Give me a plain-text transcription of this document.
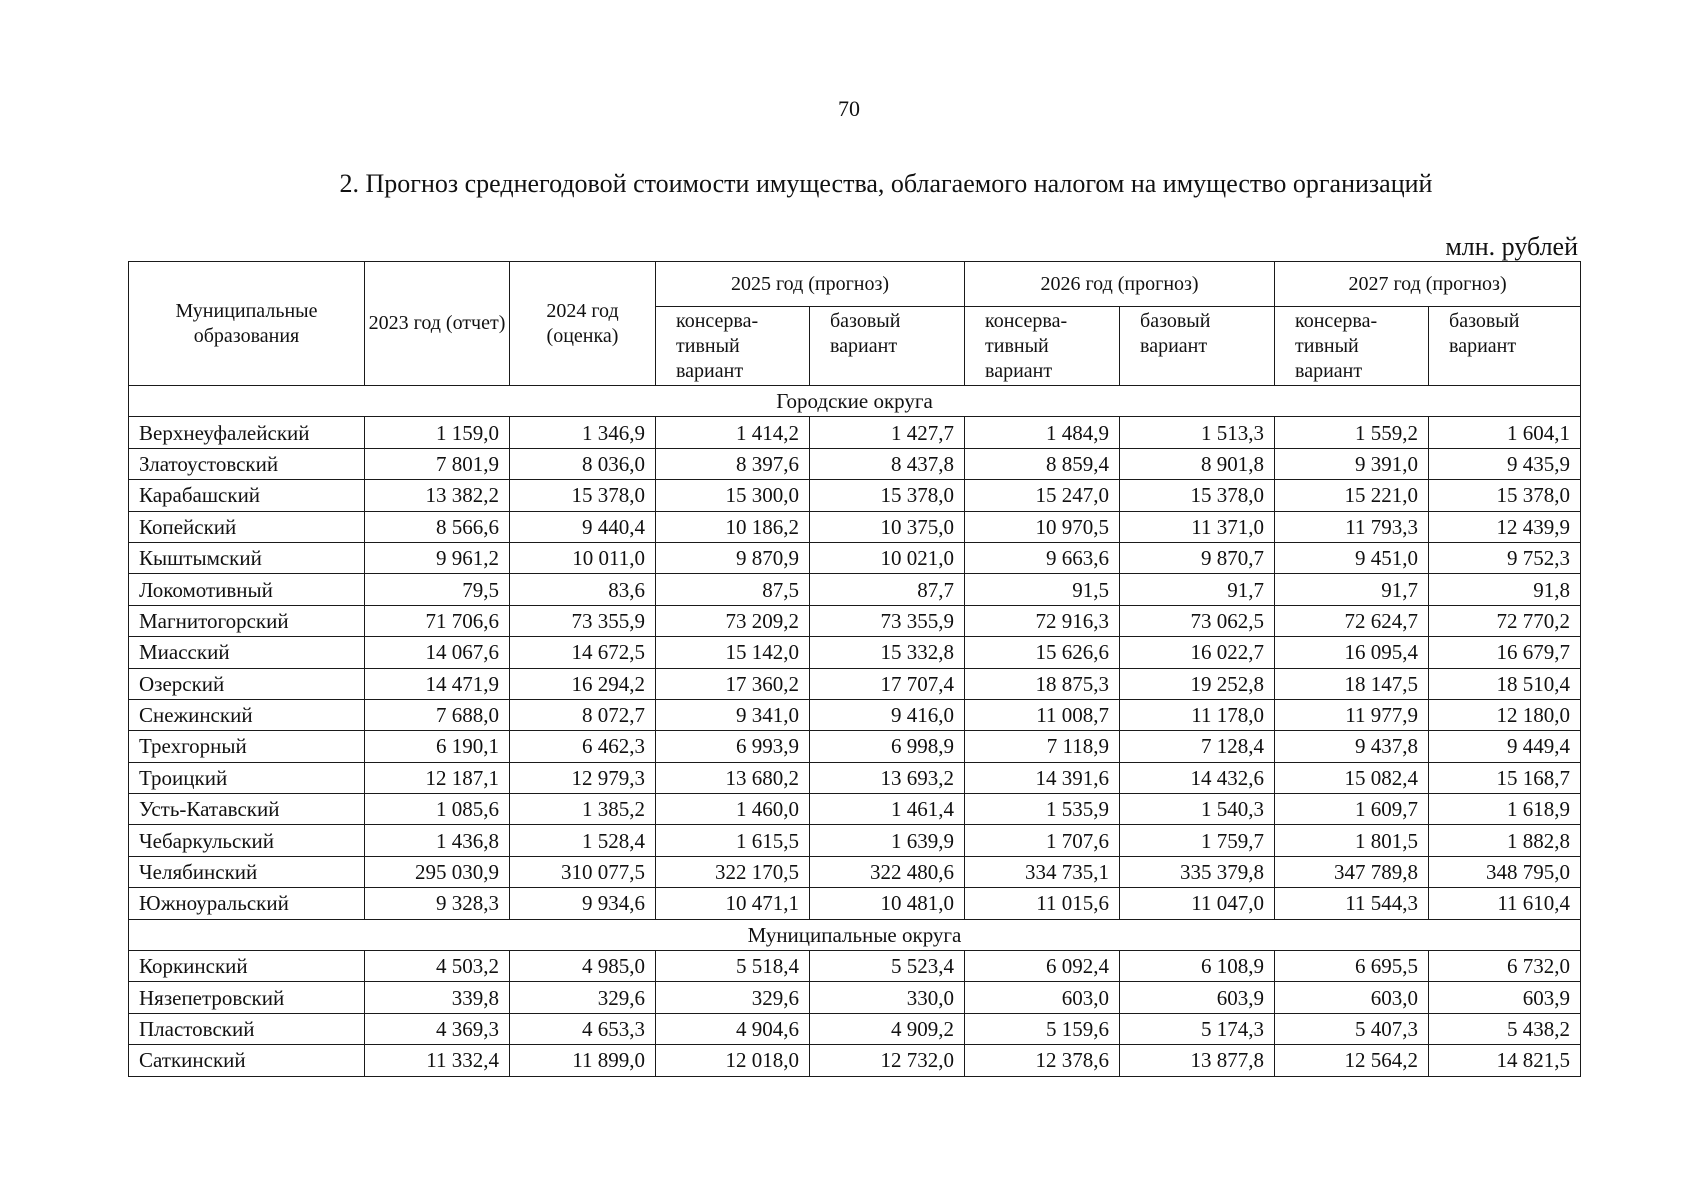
70
2. Прогноз среднегодовой стоимости имущества, облагаемого налогом на имущество организаций
млн. рублей
Муниципальные образования	2023 год (отчет)	2024 год (оценка)	2025 год (прогноз)		2026 год (прогноз)		2027 год (прогноз)	
			консерва-тивный вариант	базовый вариант	консерва-тивный вариант	базовый вариант	консерва-тивный вариант	базовый вариант
Городские округа								
Верхнеуфалейский	1 159,0	1 346,9	1 414,2	1 427,7	1 484,9	1 513,3	1 559,2	1 604,1
Златоустовский	7 801,9	8 036,0	8 397,6	8 437,8	8 859,4	8 901,8	9 391,0	9 435,9
Карабашский	13 382,2	15 378,0	15 300,0	15 378,0	15 247,0	15 378,0	15 221,0	15 378,0
Копейский	8 566,6	9 440,4	10 186,2	10 375,0	10 970,5	11 371,0	11 793,3	12 439,9
Кыштымский	9 961,2	10 011,0	9 870,9	10 021,0	9 663,6	9 870,7	9 451,0	9 752,3
Локомотивный	79,5	83,6	87,5	87,7	91,5	91,7	91,7	91,8
Магнитогорский	71 706,6	73 355,9	73 209,2	73 355,9	72 916,3	73 062,5	72 624,7	72 770,2
Миасский	14 067,6	14 672,5	15 142,0	15 332,8	15 626,6	16 022,7	16 095,4	16 679,7
Озерский	14 471,9	16 294,2	17 360,2	17 707,4	18 875,3	19 252,8	18 147,5	18 510,4
Снежинский	7 688,0	8 072,7	9 341,0	9 416,0	11 008,7	11 178,0	11 977,9	12 180,0
Трехгорный	6 190,1	6 462,3	6 993,9	6 998,9	7 118,9	7 128,4	9 437,8	9 449,4
Троицкий	12 187,1	12 979,3	13 680,2	13 693,2	14 391,6	14 432,6	15 082,4	15 168,7
Усть-Катавский	1 085,6	1 385,2	1 460,0	1 461,4	1 535,9	1 540,3	1 609,7	1 618,9
Чебаркульский	1 436,8	1 528,4	1 615,5	1 639,9	1 707,6	1 759,7	1 801,5	1 882,8
Челябинский	295 030,9	310 077,5	322 170,5	322 480,6	334 735,1	335 379,8	347 789,8	348 795,0
Южноуральский	9 328,3	9 934,6	10 471,1	10 481,0	11 015,6	11 047,0	11 544,3	11 610,4
Муниципальные округа								
Коркинский	4 503,2	4 985,0	5 518,4	5 523,4	6 092,4	6 108,9	6 695,5	6 732,0
Нязепетровский	339,8	329,6	329,6	330,0	603,0	603,9	603,0	603,9
Пластовский	4 369,3	4 653,3	4 904,6	4 909,2	5 159,6	5 174,3	5 407,3	5 438,2
Саткинский	11 332,4	11 899,0	12 018,0	12 732,0	12 378,6	13 877,8	12 564,2	14 821,5
